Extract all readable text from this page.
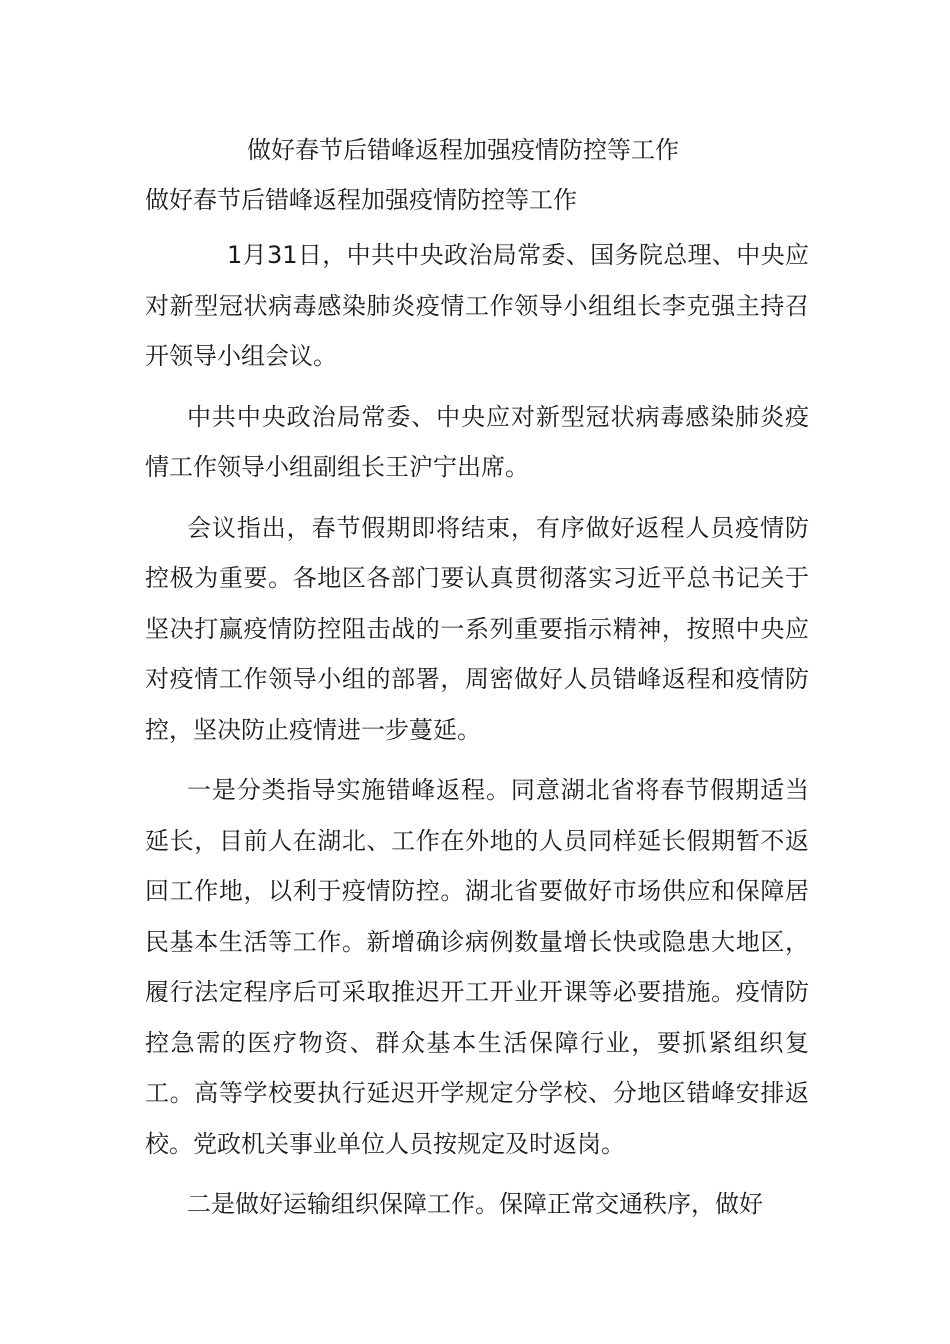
做好春节后错峰返程加强疫情防控等工作
做好春节后错峰返程加强疫情防控等工作

1月31日，中共中央政治局常委、国务院总理、中央应对新型冠状病毒感染肺炎疫情工作领导小组组长李克强主持召开领导小组会议。

中共中央政治局常委、中央应对新型冠状病毒感染肺炎疫情工作领导小组副组长王沪宁出席。

会议指出，春节假期即将结束，有序做好返程人员疫情防控极为重要。各地区各部门要认真贯彻落实习近平总书记关于坚决打赢疫情防控阻击战的一系列重要指示精神，按照中央应对疫情工作领导小组的部署，周密做好人员错峰返程和疫情防控，坚决防止疫情进一步蔓延。

一是分类指导实施错峰返程。同意湖北省将春节假期适当延长，目前人在湖北、工作在外地的人员同样延长假期暂不返回工作地，以利于疫情防控。湖北省要做好市场供应和保障居民基本生活等工作。新增确诊病例数量增长快或隐患大地区，履行法定程序后可采取推迟开工开业开课等必要措施。疫情防控急需的医疗物资、群众基本生活保障行业，要抓紧组织复工。高等学校要执行延迟开学规定分学校、分地区错峰安排返校。党政机关事业单位人员按规定及时返岗。

二是做好运输组织保障工作。保障正常交通秩序，做好
